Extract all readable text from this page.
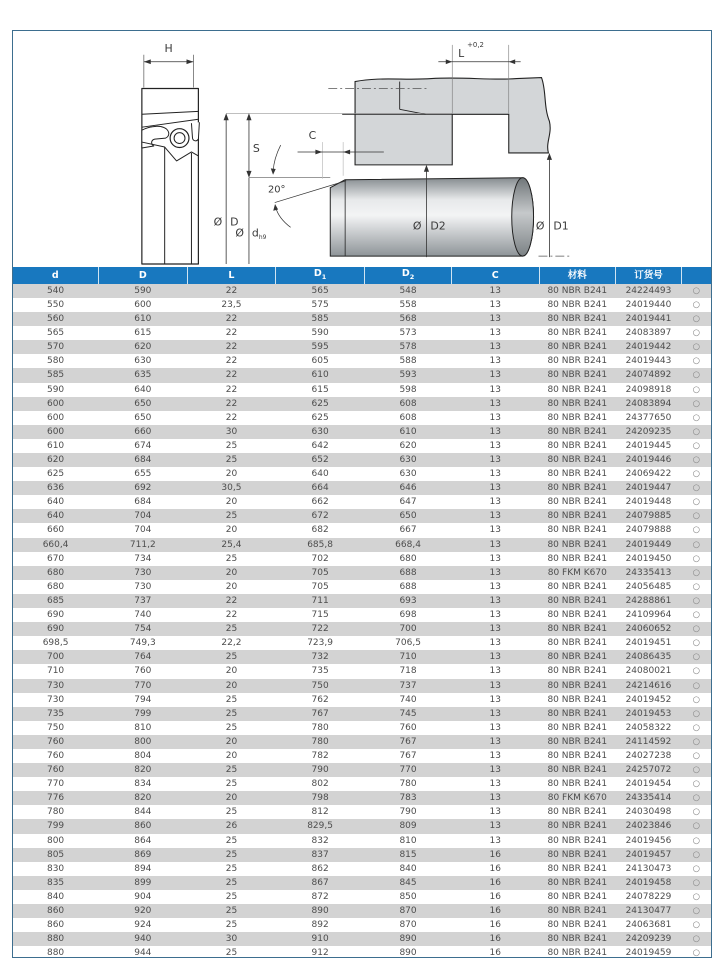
H	L
+0,2
S
C
20°
Ø D
Ø d h9
Ø D2	Ø D1
d	D	L	$D_1$	$D_2$	C	材料	订货号	
540	590	22	565	548	13	80 NBR B241	24224493	○
550	600	23,5	575	558	13	80 NBR B241	24019440	○
560	610	22	585	568	13	80 NBR B241	24019441	○
565	615	22	590	573	13	80 NBR B241	24083897	○
570	620	22	595	578	13	80 NBR B241	24019442	○
580	630	22	605	588	13	80 NBR B241	24019443	○
585	635	22	610	593	13	80 NBR B241	24074892	○
590	640	22	615	598	13	80 NBR B241	24098918	○
600	650	22	625	608	13	80 NBR B241	24083894	○
600	650	22	625	608	13	80 NBR B241	24377650	○
600	660	30	630	610	13	80 NBR B241	24209235	○
610	674	25	642	620	13	80 NBR B241	24019445	○
620	684	25	652	630	13	80 NBR B241	24019446	○
625	655	20	640	630	13	80 NBR B241	24069422	○
636	692	30,5	664	646	13	80 NBR B241	24019447	○
640	684	20	662	647	13	80 NBR B241	24019448	○
640	704	25	672	650	13	80 NBR B241	24079885	○
660	704	20	682	667	13	80 NBR B241	24079888	○
660,4	711,2	25,4	685,8	668,4	13	80 NBR B241	24019449	○
670	734	25	702	680	13	80 NBR B241	24019450	○
680	730	20	705	688	13	80 FKM K670	24335413	○
680	730	20	705	688	13	80 NBR B241	24056485	○
685	737	22	711	693	13	80 NBR B241	24288861	○
690	740	22	715	698	13	80 NBR B241	24109964	○
690	754	25	722	700	13	80 NBR B241	24060652	○
698,5	749,3	22,2	723,9	706,5	13	80 NBR B241	24019451	○
700	764	25	732	710	13	80 NBR B241	24086435	○
710	760	20	735	718	13	80 NBR B241	24080021	○
730	770	20	750	737	13	80 NBR B241	24214616	○
730	794	25	762	740	13	80 NBR B241	24019452	○
735	799	25	767	745	13	80 NBR B241	24019453	○
750	810	25	780	760	13	80 NBR B241	24058322	○
760	800	20	780	767	13	80 NBR B241	24114592	○
760	804	20	782	767	13	80 NBR B241	24027238	○
760	820	25	790	770	13	80 NBR B241	24257072	○
770	834	25	802	780	13	80 NBR B241	24019454	○
776	820	20	798	783	13	80 FKM K670	24335414	○
780	844	25	812	790	13	80 NBR B241	24030498	○
799	860	26	829,5	809	13	80 NBR B241	24023846	○
800	864	25	832	810	13	80 NBR B241	24019456	○
805	869	25	837	815	16	80 NBR B241	24019457	○
830	894	25	862	840	16	80 NBR B241	24130473	○
835	899	25	867	845	16	80 NBR B241	24019458	○
840	904	25	872	850	16	80 NBR B241	24078229	○
860	920	25	890	870	16	80 NBR B241	24130477	○
860	924	25	892	870	16	80 NBR B241	24063681	○
880	940	30	910	890	16	80 NBR B241	24209239	○
880	944	25	912	890	16	80 NBR B241	24019459	○
